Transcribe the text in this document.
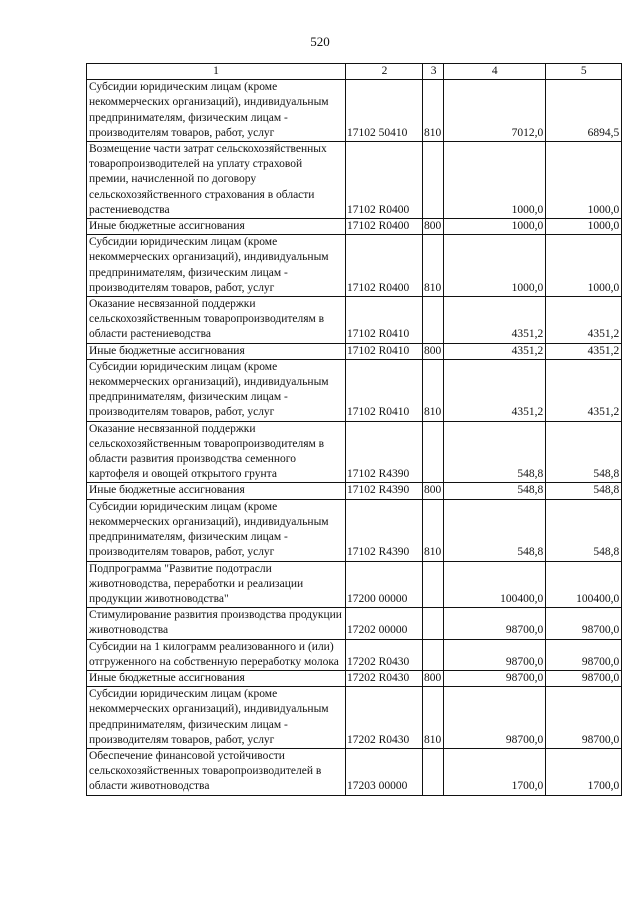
520
1	2	3	4	5
Субсидии юридическим лицам (кроме некоммерческих организаций), индивидуальным предпринимателям, физическим лицам - производителям товаров, работ, услуг	17102 50410	810	7012,0	6894,5
Возмещение части затрат сельскохозяйственных товаропроизводителей на уплату страховой премии, начисленной по договору сельскохозяйственного страхования в области растениеводства	17102 R0400		1000,0	1000,0
Иные бюджетные ассигнования	17102 R0400	800	1000,0	1000,0
Субсидии юридическим лицам (кроме некоммерческих организаций), индивидуальным предпринимателям, физическим лицам - производителям товаров, работ, услуг	17102 R0400	810	1000,0	1000,0
Оказание несвязанной поддержки сельскохозяйственным товаропроизводителям в области растениеводства	17102 R0410		4351,2	4351,2
Иные бюджетные ассигнования	17102 R0410	800	4351,2	4351,2
Субсидии юридическим лицам (кроме некоммерческих организаций), индивидуальным предпринимателям, физическим лицам - производителям товаров, работ, услуг	17102 R0410	810	4351,2	4351,2
Оказание несвязанной поддержки сельскохозяйственным товаропроизводителям в области развития производства семенного картофеля и овощей открытого грунта	17102 R4390		548,8	548,8
Иные бюджетные ассигнования	17102 R4390	800	548,8	548,8
Субсидии юридическим лицам (кроме некоммерческих организаций), индивидуальным предпринимателям, физическим лицам - производителям товаров, работ, услуг	17102 R4390	810	548,8	548,8
Подпрограмма "Развитие подотрасли животноводства, переработки и реализации продукции животноводства"	17200 00000		100400,0	100400,0
Стимулирование развития производства продукции животноводства	17202 00000		98700,0	98700,0
Субсидии на 1 килограмм реализованного и (или) отгруженного на собственную переработку молока	17202 R0430		98700,0	98700,0
Иные бюджетные ассигнования	17202 R0430	800	98700,0	98700,0
Субсидии юридическим лицам (кроме некоммерческих организаций), индивидуальным предпринимателям, физическим лицам - производителям товаров, работ, услуг	17202 R0430	810	98700,0	98700,0
Обеспечение финансовой устойчивости сельскохозяйственных товаропроизводителей в области животноводства	17203 00000		1700,0	1700,0
